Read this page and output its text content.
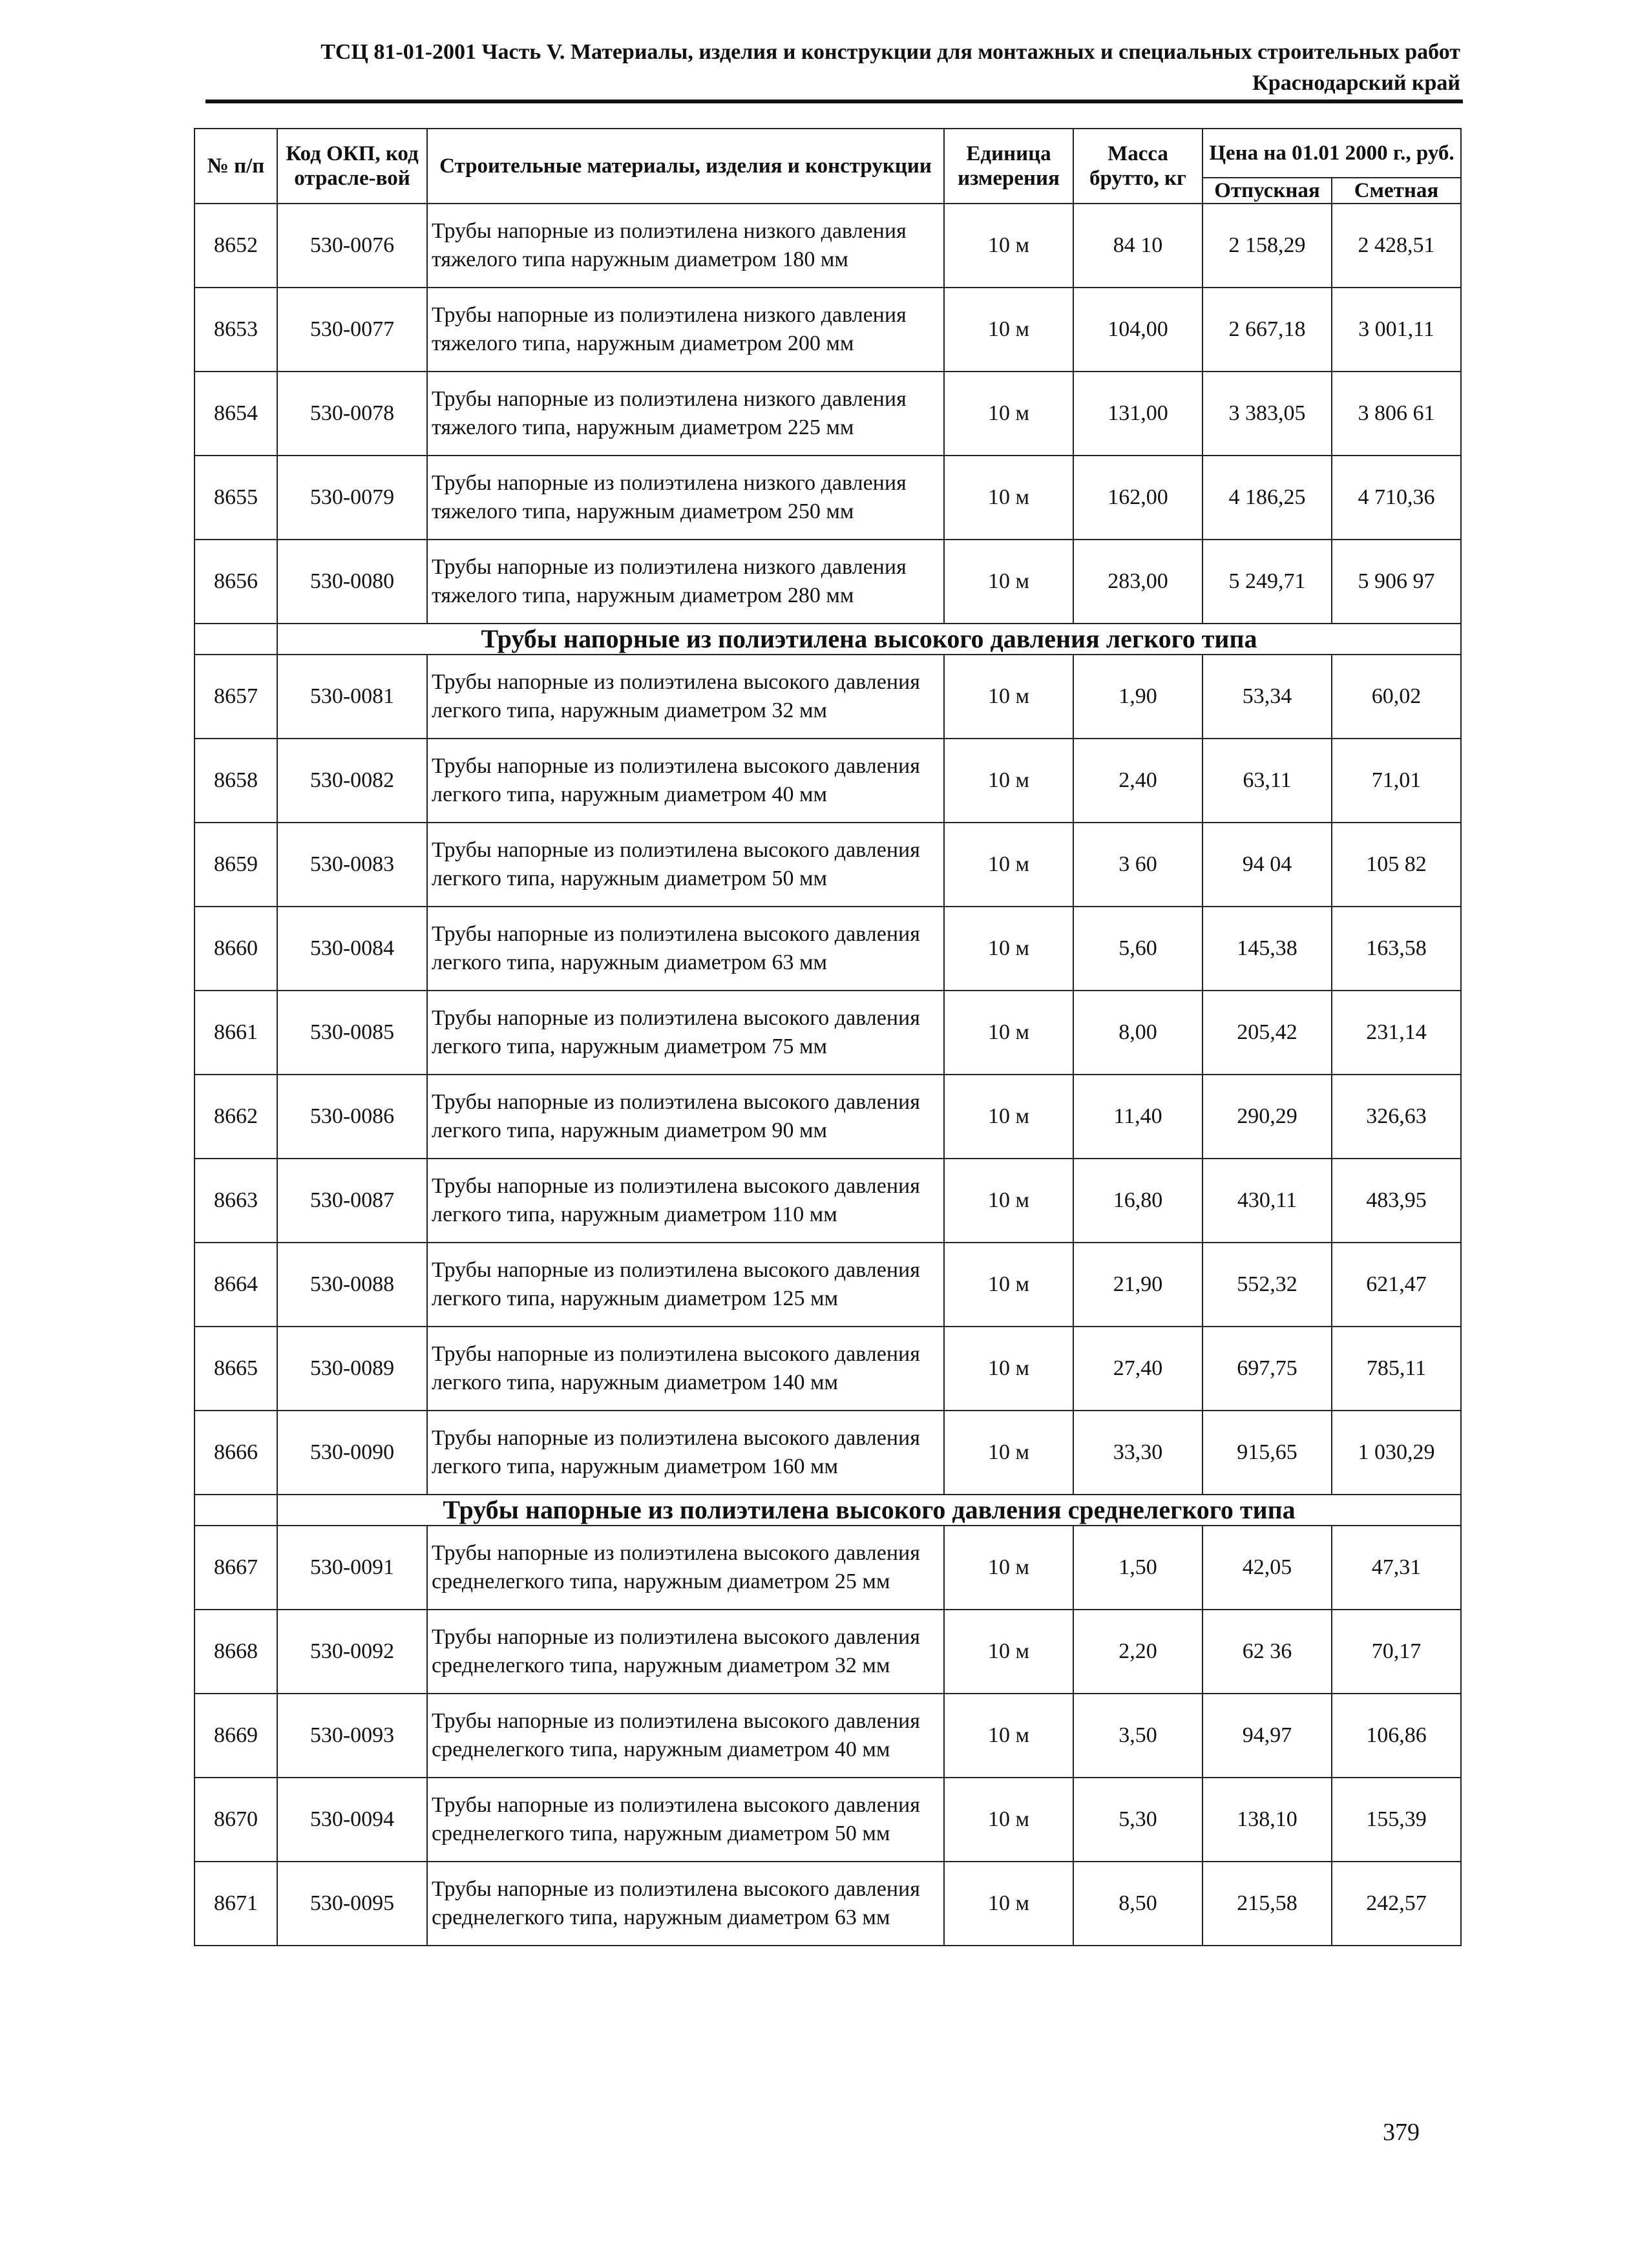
ТСЦ 81-01-2001 Часть V. Материалы, изделия и конструкции для монтажных и специальных строительных работ
Краснодарский край
№ п/п	Код ОКП, код отрасле-вой	Строительные материалы, изделия и конструкции	Единица измерения	Масса брутто, кг	Цена на 01.01 2000 г., руб.	
					Отпускная	Сметная
8652	530-0076	Трубы напорные из полиэтилена низкого давления тяжелого типа наружным диаметром 180 мм	10 м	84 10	2 158,29	2 428,51
8653	530-0077	Трубы напорные из полиэтилена низкого давления тяжелого типа, наружным диаметром 200 мм	10 м	104,00	2 667,18	3 001,11
8654	530-0078	Трубы напорные из полиэтилена низкого давления тяжелого типа, наружным диаметром 225 мм	10 м	131,00	3 383,05	3 806 61
8655	530-0079	Трубы напорные из полиэтилена низкого давления тяжелого типа, наружным диаметром 250 мм	10 м	162,00	4 186,25	4 710,36
8656	530-0080	Трубы напорные из полиэтилена низкого давления тяжелого типа, наружным диаметром 280 мм	10 м	283,00	5 249,71	5 906 97
	Трубы напорные из полиэтилена высокого давления легкого типа					
8657	530-0081	Трубы напорные из полиэтилена высокого давления легкого типа, наружным диаметром 32 мм	10 м	1,90	53,34	60,02
8658	530-0082	Трубы напорные из полиэтилена высокого давления легкого типа, наружным диаметром 40 мм	10 м	2,40	63,11	71,01
8659	530-0083	Трубы напорные из полиэтилена высокого давления легкого типа, наружным диаметром 50 мм	10 м	3 60	94 04	105 82
8660	530-0084	Трубы напорные из полиэтилена высокого давления легкого типа, наружным диаметром 63 мм	10 м	5,60	145,38	163,58
8661	530-0085	Трубы напорные из полиэтилена высокого давления легкого типа, наружным диаметром 75 мм	10 м	8,00	205,42	231,14
8662	530-0086	Трубы напорные из полиэтилена высокого давления легкого типа, наружным диаметром 90 мм	10 м	11,40	290,29	326,63
8663	530-0087	Трубы напорные из полиэтилена высокого давления легкого типа, наружным диаметром 110 мм	10 м	16,80	430,11	483,95
8664	530-0088	Трубы напорные из полиэтилена высокого давления легкого типа, наружным диаметром 125 мм	10 м	21,90	552,32	621,47
8665	530-0089	Трубы напорные из полиэтилена высокого давления легкого типа, наружным диаметром 140 мм	10 м	27,40	697,75	785,11
8666	530-0090	Трубы напорные из полиэтилена высокого давления легкого типа, наружным диаметром 160 мм	10 м	33,30	915,65	1 030,29
	Трубы напорные из полиэтилена высокого давления среднелегкого типа					
8667	530-0091	Трубы напорные из полиэтилена высокого давления среднелегкого типа, наружным диаметром 25 мм	10 м	1,50	42,05	47,31
8668	530-0092	Трубы напорные из полиэтилена высокого давления среднелегкого типа, наружным диаметром 32 мм	10 м	2,20	62 36	70,17
8669	530-0093	Трубы напорные из полиэтилена высокого давления среднелегкого типа, наружным диаметром 40 мм	10 м	3,50	94,97	106,86
8670	530-0094	Трубы напорные из полиэтилена высокого давления среднелегкого типа, наружным диаметром 50 мм	10 м	5,30	138,10	155,39
8671	530-0095	Трубы напорные из полиэтилена высокого давления среднелегкого типа, наружным диаметром 63 мм	10 м	8,50	215,58	242,57
379
